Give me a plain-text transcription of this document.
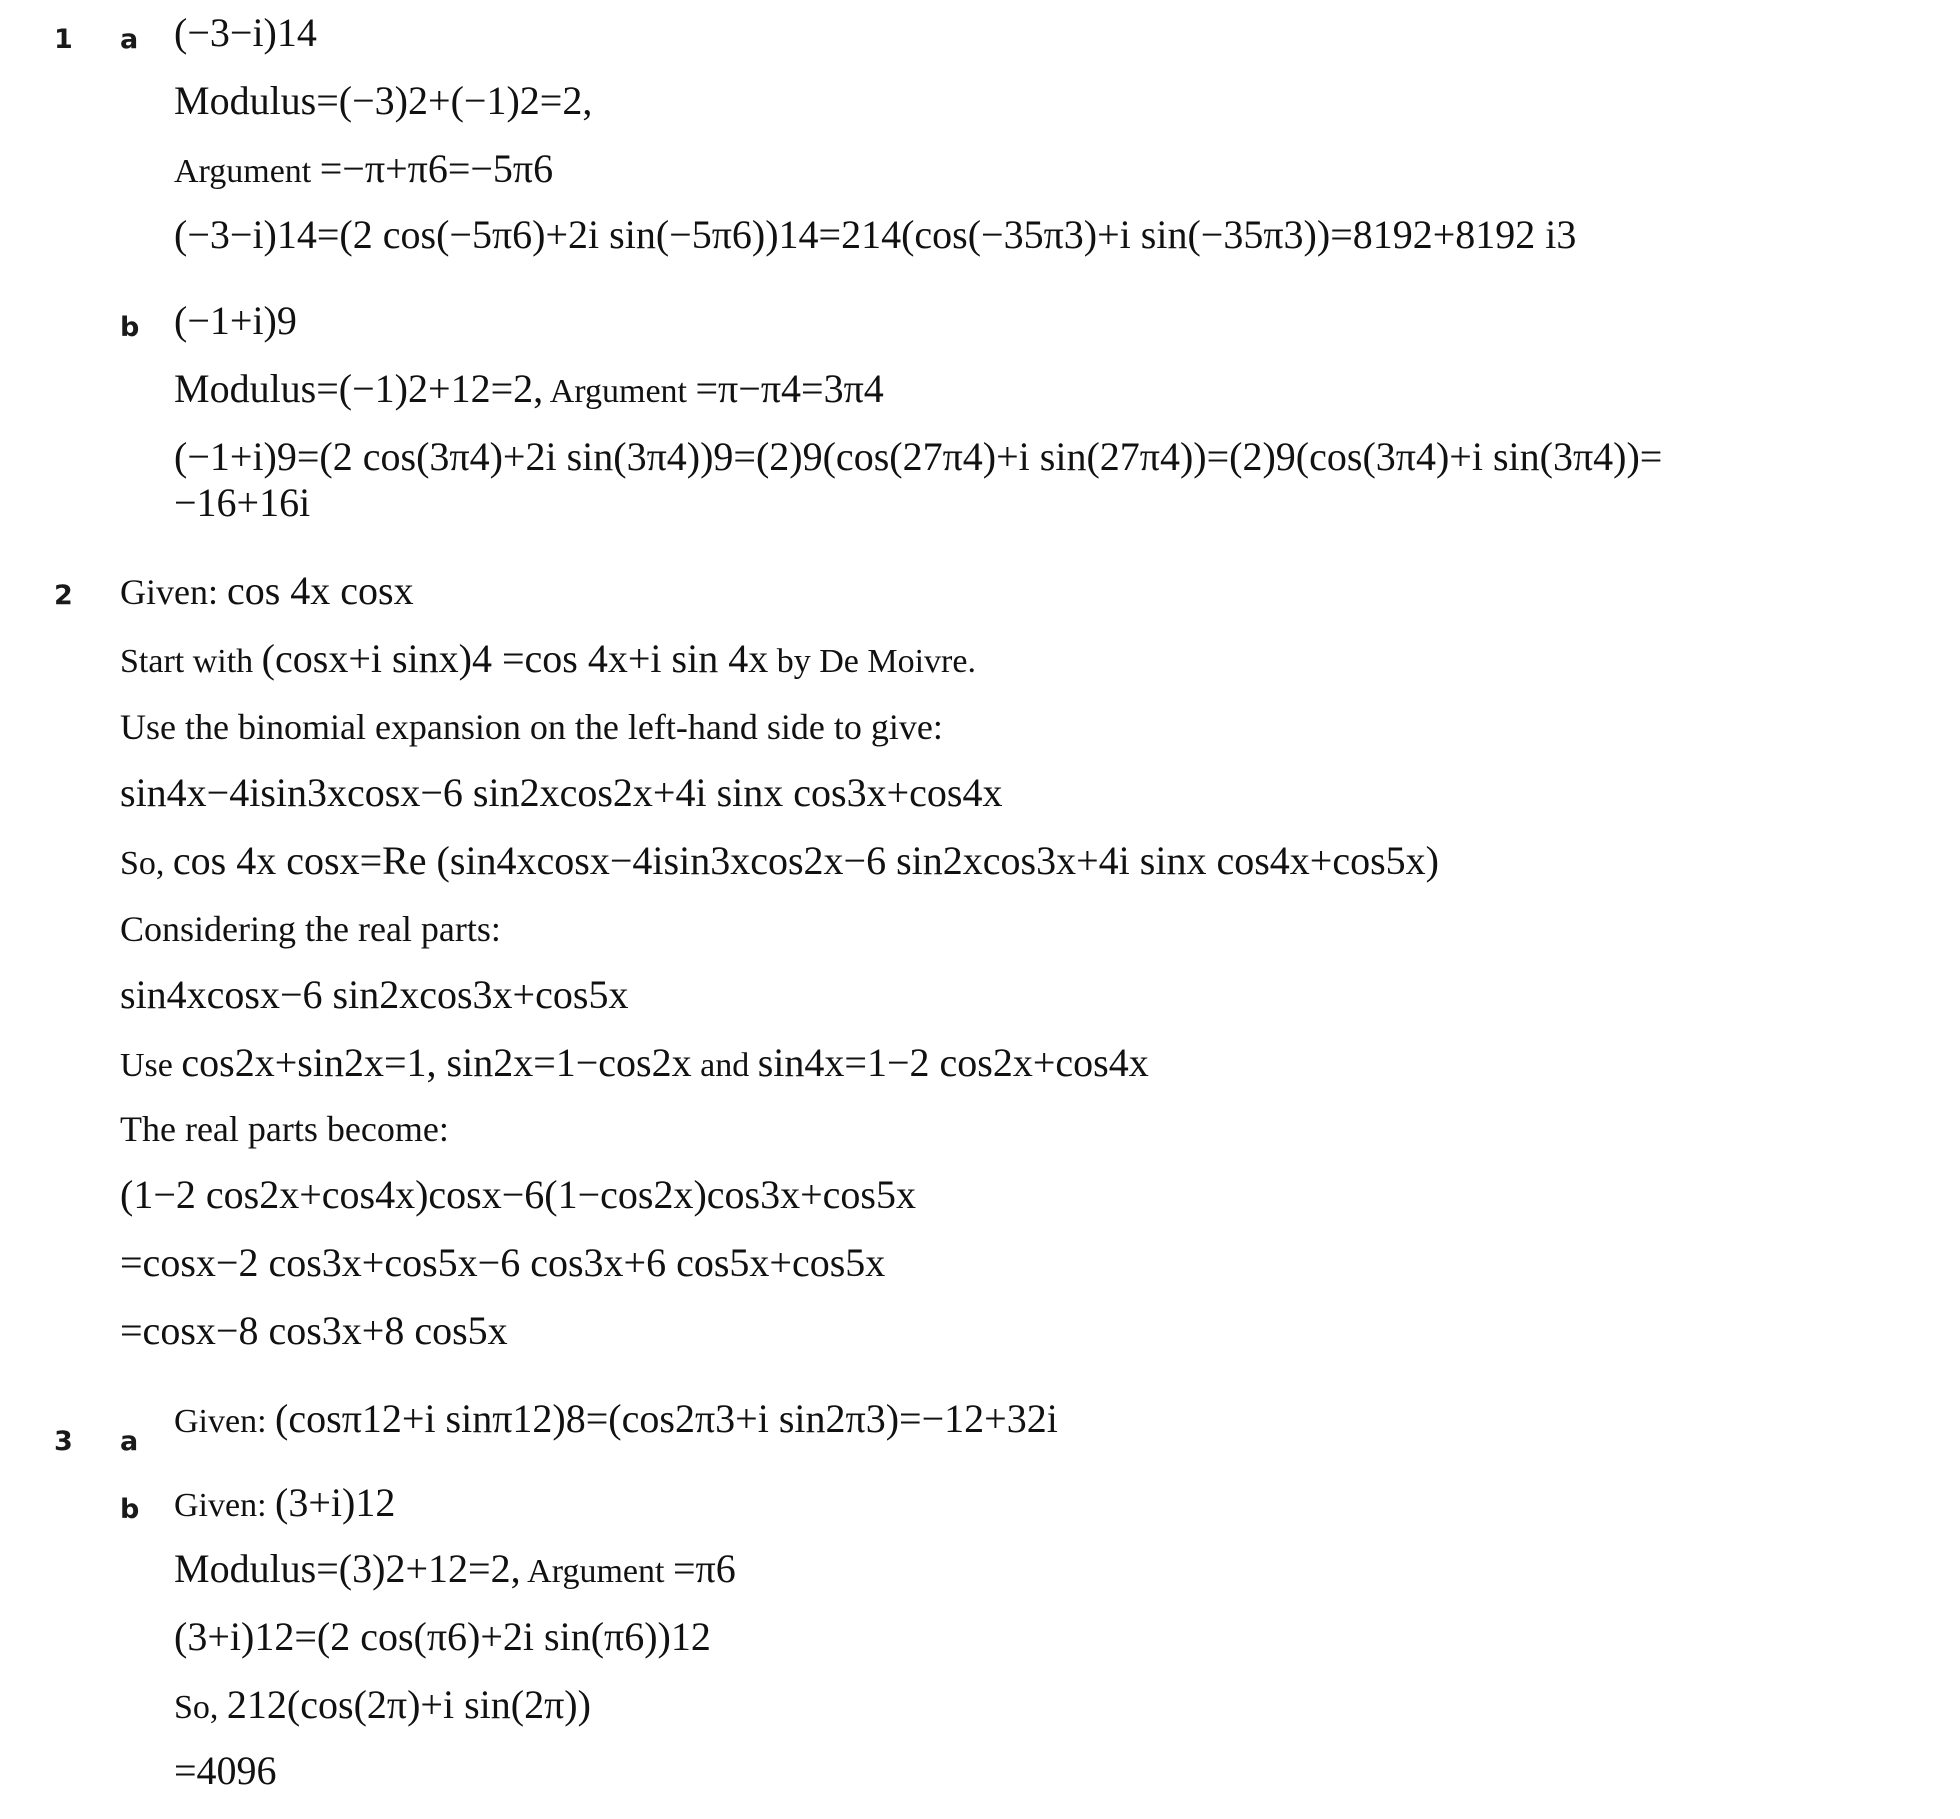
1 a (−3−i)14
Modulus=(−3)2+(−1)2=2,
Argument =−π+π6=−5π6
(−3−i)14=(2 cos(−5π6)+2i sin(−5π6))14=214(cos(−35π3)+i sin(−35π3))=8192+8192 i3
b (−1+i)9
Modulus=(−1)2+12=2, Argument =π−π4=3π4
(−1+i)9=(2 cos(3π4)+2i sin(3π4))9=(2)9(cos(27π4)+i sin(27π4))=(2)9(cos(3π4)+i sin(3π4))=
−16+16i
2 Given: cos 4x cosx
Start with (cosx+i sinx)4 =cos 4x+i sin 4x by De Moivre.
Use the binomial expansion on the left-hand side to give:
sin4x−4isin3xcosx−6 sin2xcos2x+4i sinx cos3x+cos4x
So, cos 4x cosx=Re (sin4xcosx−4isin3xcos2x−6 sin2xcos3x+4i sinx cos4x+cos5x)
Considering the real parts:
sin4xcosx−6 sin2xcos3x+cos5x
Use cos2x+sin2x=1, sin2x=1−cos2x and sin4x=1−2 cos2x+cos4x
The real parts become:
(1−2 cos2x+cos4x)cosx−6(1−cos2x)cos3x+cos5x
=cosx−2 cos3x+cos5x−6 cos3x+6 cos5x+cos5x
=cosx−8 cos3x+8 cos5x
3 a
Given: (cosπ12+i sinπ12)8=(cos2π3+i sin2π3)=−12+32i
b Given: (3+i)12
Modulus=(3)2+12=2, Argument =π6
(3+i)12=(2 cos(π6)+2i sin(π6))12
So, 212(cos(2π)+i sin(2π))
=4096
